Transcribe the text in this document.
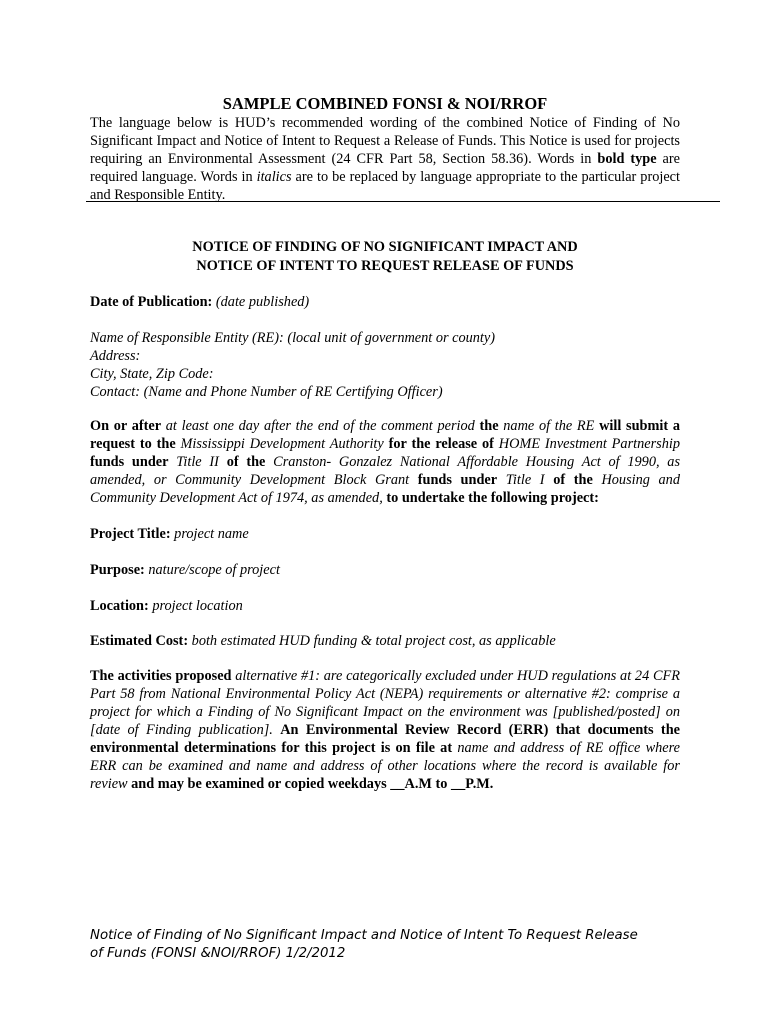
SAMPLE COMBINED FONSI & NOI/RROF
The language below is HUD’s recommended wording of the combined Notice of Finding of No Significant Impact and Notice of Intent to Request a Release of Funds. This Notice is used for projects requiring an Environmental Assessment (24 CFR Part 58, Section 58.36). Words in bold type are required language. Words in italics are to be replaced by language appropriate to the particular project and Responsible Entity.
NOTICE OF FINDING OF NO SIGNIFICANT IMPACT AND
NOTICE OF INTENT TO REQUEST RELEASE OF FUNDS
Date of Publication: (date published)
Name of Responsible Entity (RE): (local unit of government or county)
Address:
City, State, Zip Code:
Contact: (Name and Phone Number of RE Certifying Officer)
On or after at least one day after the end of the comment period the name of the RE will submit a request to the Mississippi Development Authority for the release of HOME Investment Partnership funds under Title II of the Cranston- Gonzalez National Affordable Housing Act of 1990, as amended, or Community Development Block Grant funds under Title I of the Housing and Community Development Act of 1974, as amended, to undertake the following project:
Project Title: project name
Purpose: nature/scope of project
Location: project location
Estimated Cost: both estimated HUD funding & total project cost, as applicable
The activities proposed alternative #1: are categorically excluded under HUD regulations at 24 CFR Part 58 from National Environmental Policy Act (NEPA) requirements or alternative #2: comprise a project for which a Finding of No Significant Impact on the environment was [published/posted] on [date of Finding publication]. An Environmental Review Record (ERR) that documents the environmental determinations for this project is on file at name and address of RE office where ERR can be examined and name and address of other locations where the record is available for review and may be examined or copied weekdays __A.M to __P.M.
Notice of Finding of No Significant Impact and Notice of Intent To Request Release
of Funds (FONSI &NOI/RROF) 1/2/2012
